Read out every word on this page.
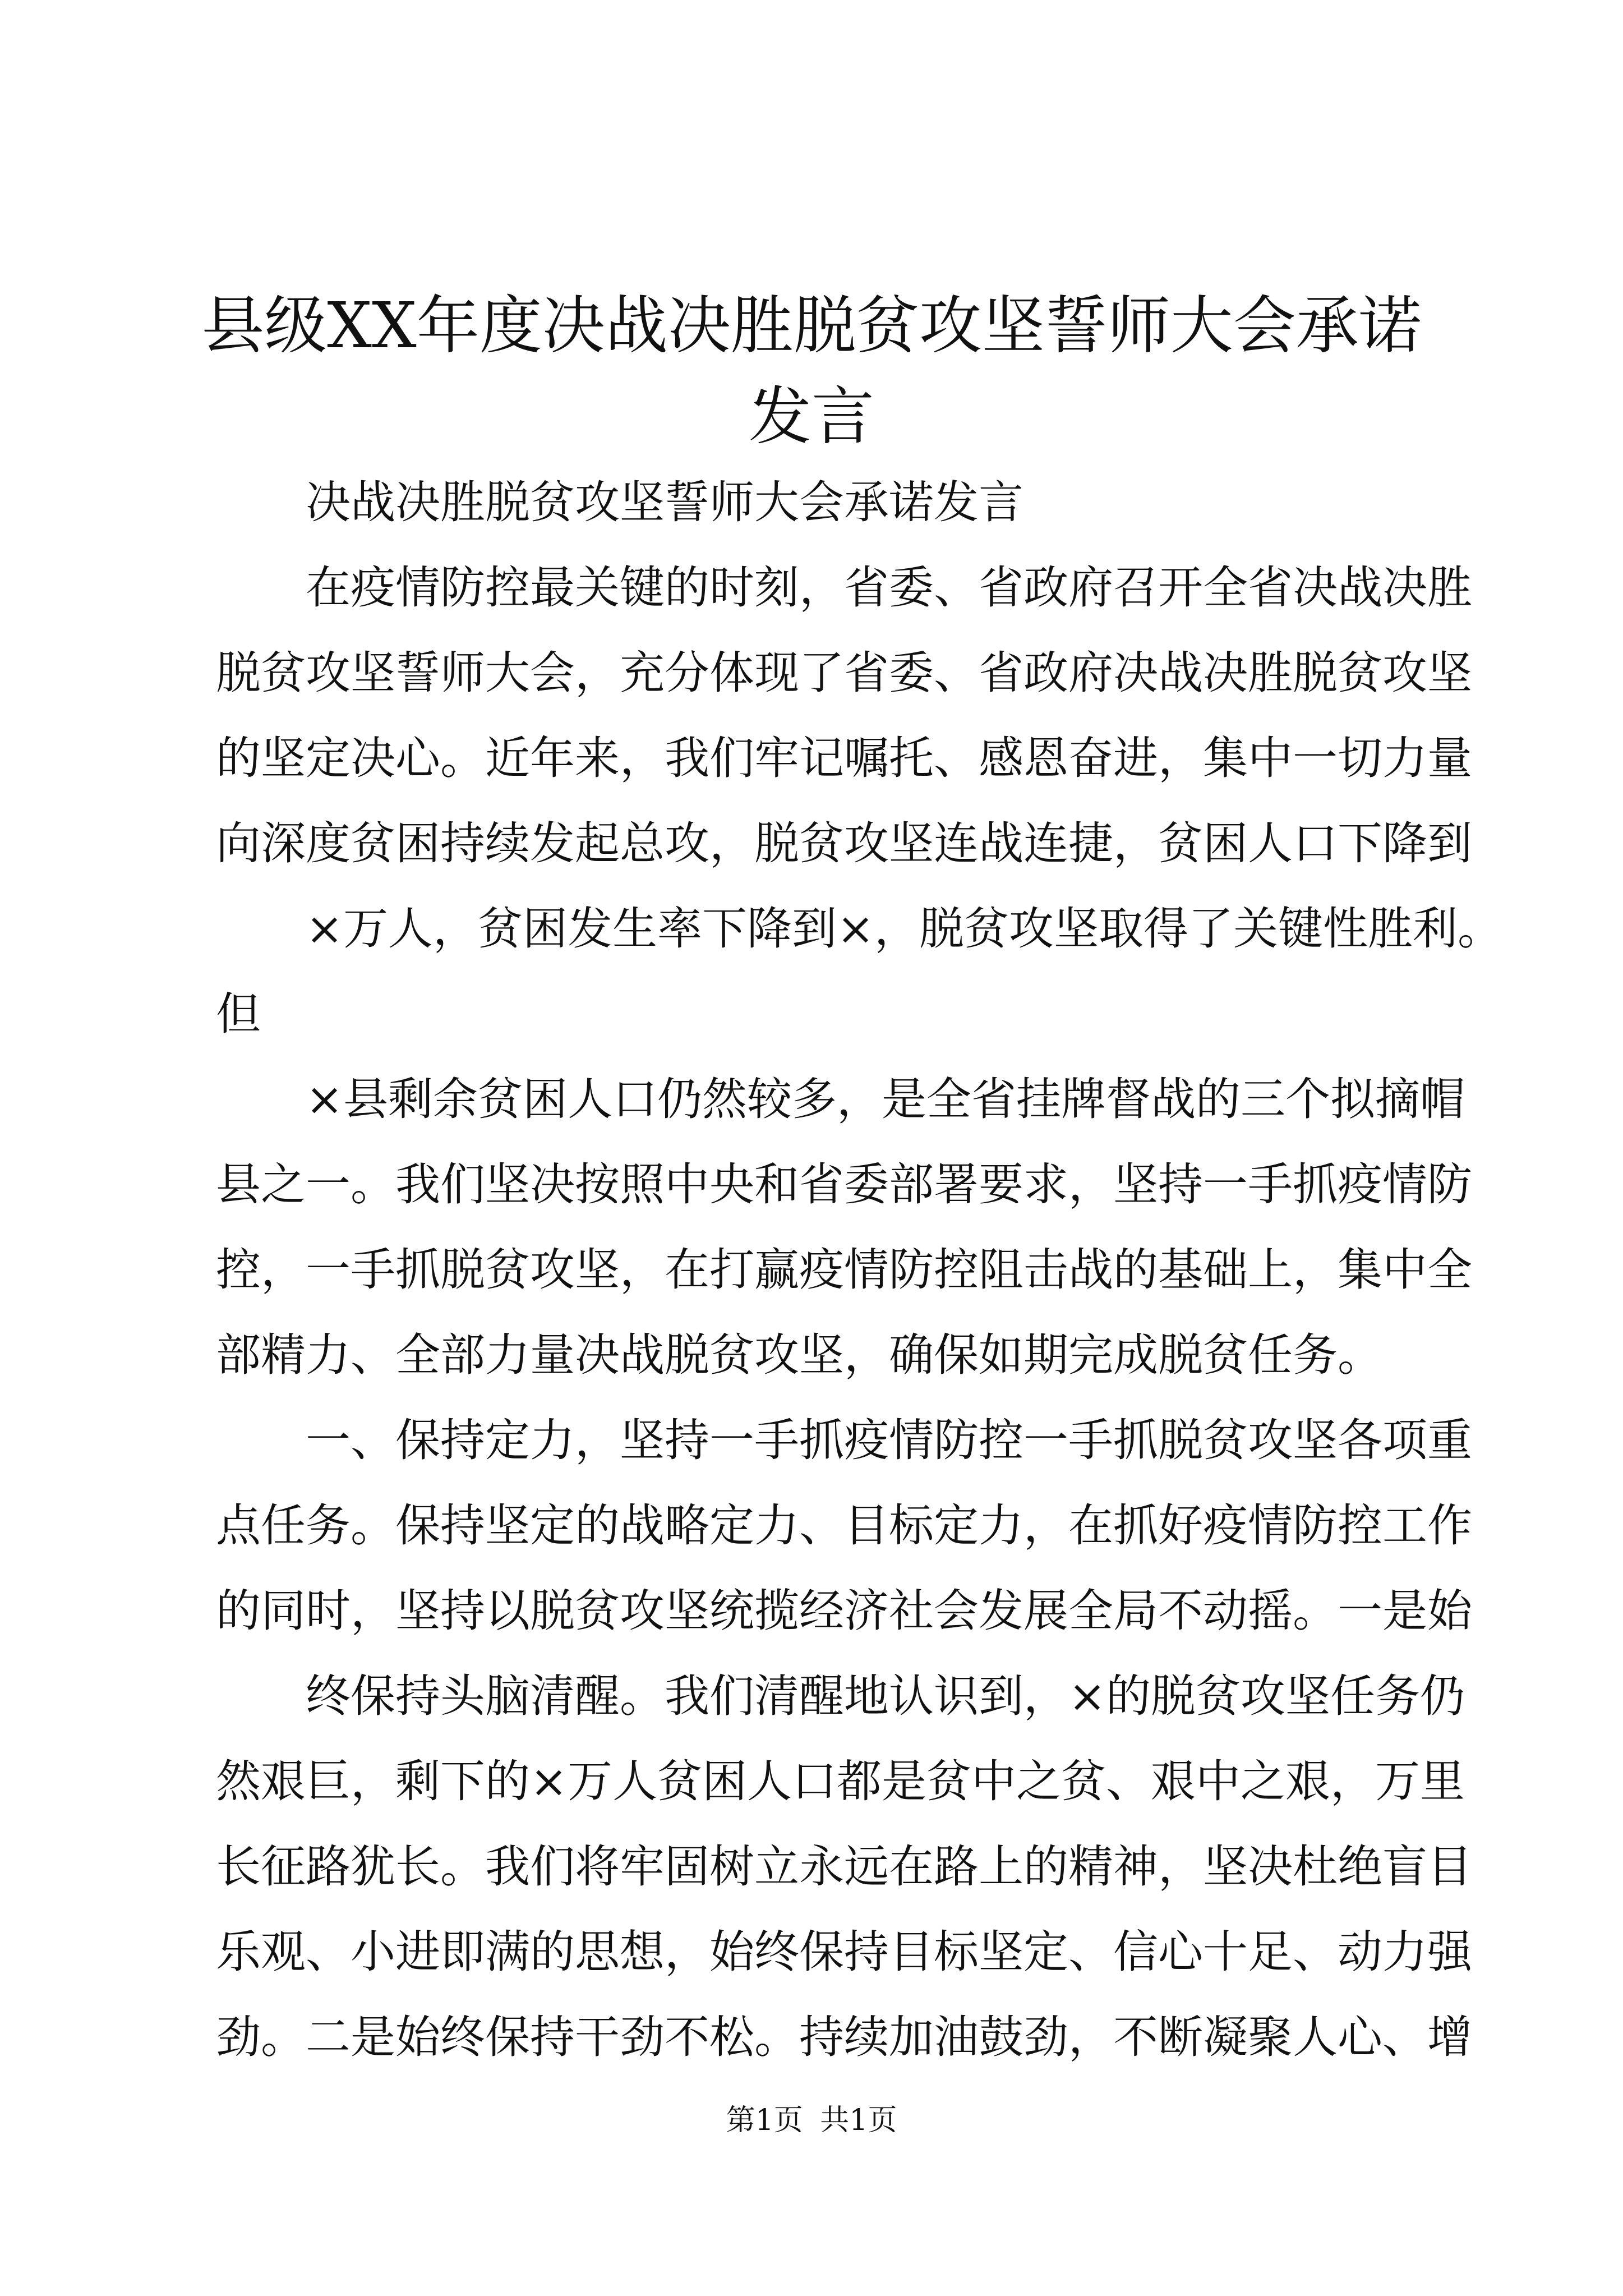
县级XX年度决战决胜脱贫攻坚誓师大会承诺
发言
决战决胜脱贫攻坚誓师大会承诺发言
在疫情防控最关键的时刻，省委、省政府召开全省决战决胜
脱贫攻坚誓师大会，充分体现了省委、省政府决战决胜脱贫攻坚
的坚定决心。近年来，我们牢记嘱托、感恩奋进，集中一切力量
向深度贫困持续发起总攻，脱贫攻坚连战连捷，贫困人口下降到
×万人，贫困发生率下降到×，脱贫攻坚取得了关键性胜利。
但
×县剩余贫困人口仍然较多，是全省挂牌督战的三个拟摘帽
县之一。我们坚决按照中央和省委部署要求，坚持一手抓疫情防
控，一手抓脱贫攻坚，在打赢疫情防控阻击战的基础上，集中全
部精力、全部力量决战脱贫攻坚，确保如期完成脱贫任务。
一、保持定力，坚持一手抓疫情防控一手抓脱贫攻坚各项重
点任务。保持坚定的战略定力、目标定力，在抓好疫情防控工作
的同时，坚持以脱贫攻坚统揽经济社会发展全局不动摇。一是始
终保持头脑清醒。我们清醒地认识到，×的脱贫攻坚任务仍
然艰巨，剩下的×万人贫困人口都是贫中之贫、艰中之艰，万里
长征路犹长。我们将牢固树立永远在路上的精神，坚决杜绝盲目
乐观、小进即满的思想，始终保持目标坚定、信心十足、动力强
劲。二是始终保持干劲不松。持续加油鼓劲，不断凝聚人心、增
第1页 共1页
